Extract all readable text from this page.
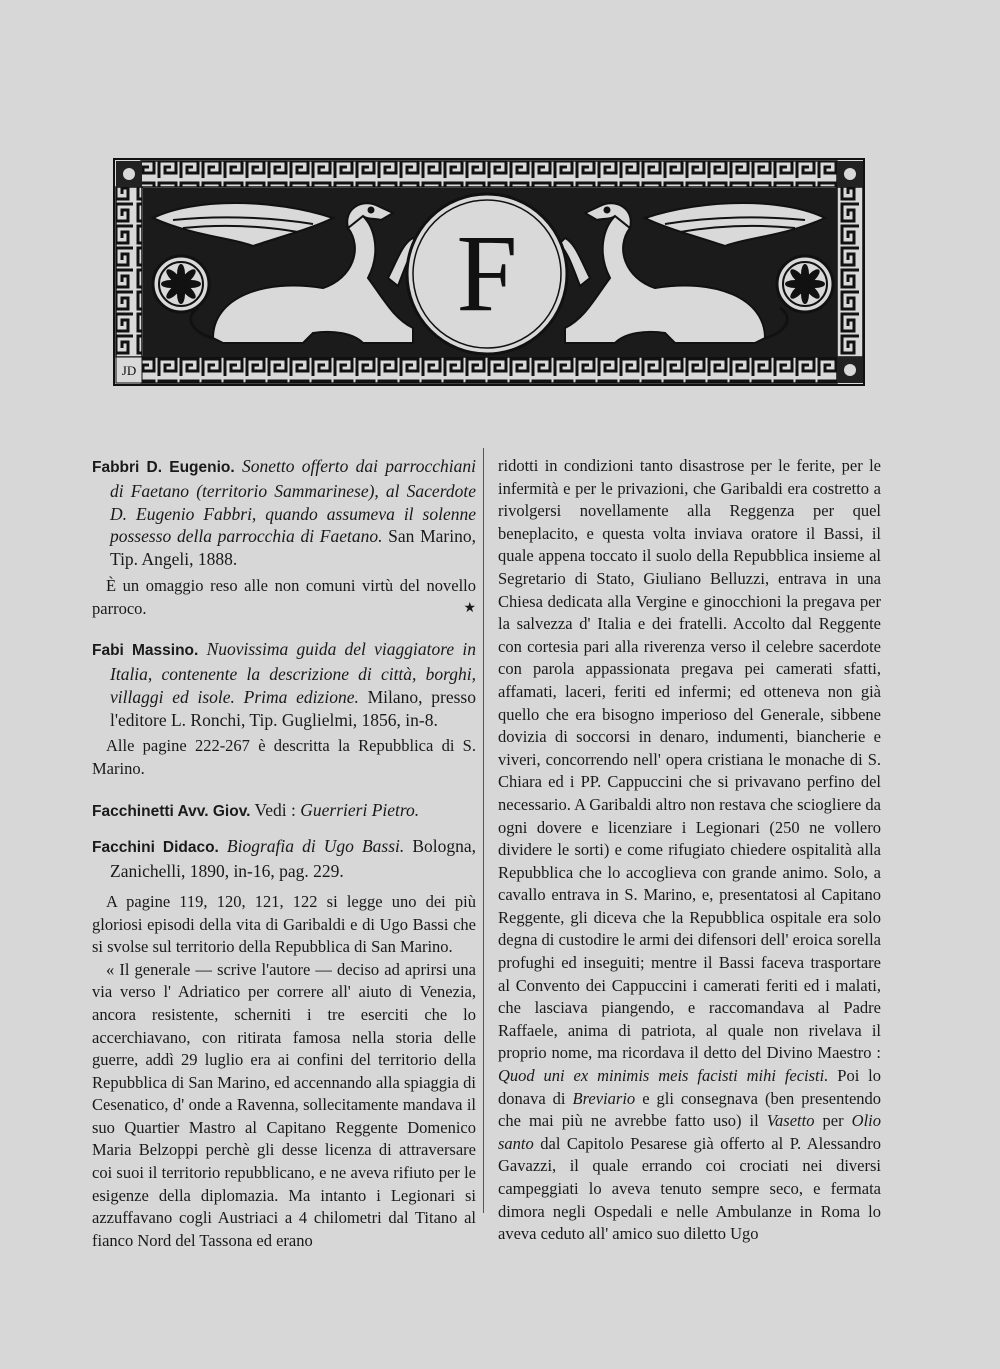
F
JD
Fabbri D. Eugenio. Sonetto offerto dai parrocchiani di Faetano (territorio Sammarinese), al Sacerdote D. Eugenio Fabbri, quando assumeva il solenne possesso della parrocchia di Faetano. San Marino, Tip. Angeli, 1888.
È un omaggio reso alle non comuni virtù del novello parroco.	★
Fabi Massino. Nuovissima guida del viaggiatore in Italia, contenente la descrizione di città, borghi, villaggi ed isole. Prima edizione. Milano, presso l'editore L. Ronchi, Tip. Guglielmi, 1856, in-8.
Alle pagine 222-267 è descritta la Repubblica di S. Marino.
Facchinetti Avv. Giov. Vedi : Guerrieri Pietro.
Facchini Didaco. Biografia di Ugo Bassi. Bologna, Zanichelli, 1890, in-16, pag. 229.

A pagine 119, 120, 121, 122 si legge uno dei più gloriosi episodi della vita di Garibaldi e di Ugo Bassi che si svolse sul territorio della Repubblica di San Marino.

« Il generale — scrive l'autore — deciso ad aprirsi una via verso l' Adriatico per correre all' aiuto di Venezia, ancora resistente, scherniti i tre eserciti che lo accerchiavano, con ritirata famosa nella storia delle guerre, addì 29 luglio era ai confini del territorio della Repubblica di San Marino, ed accennando alla spiaggia di Cesenatico, d' onde a Ravenna, sollecitamente mandava il suo Quartier Mastro al Capitano Reggente Domenico Maria Belzoppi perchè gli desse licenza di attraversare coi suoi il territorio repubblicano, e ne aveva rifiuto per le esigenze della diplomazia. Ma intanto i Legionari si azzuffavano cogli Austriaci a 4 chilometri dal Titano al fianco Nord del Tassona ed erano

ridotti in condizioni tanto disastrose per le ferite, per le infermità e per le privazioni, che Garibaldi era costretto a rivolgersi novellamente alla Reggenza per quel beneplacito, e questa volta inviava oratore il Bassi, il quale appena toccato il suolo della Repubblica insieme al Segretario di Stato, Giuliano Belluzzi, entrava in una Chiesa dedicata alla Vergine e ginocchioni la pregava per la salvezza d' Italia e dei fratelli. Accolto dal Reggente con cortesia pari alla riverenza verso il celebre sacerdote con parola appassionata pregava pei camerati sfatti, affamati, laceri, feriti ed infermi; ed otteneva non già quello che era bisogno imperioso del Generale, sibbene dovizia di soccorsi in denaro, indumenti, biancherie e viveri, concorrendo nell' opera cristiana le monache di S. Chiara ed i PP. Cappuccini che si privavano perfino del necessario. A Garibaldi altro non restava che sciogliere da ogni dovere e licenziare i Legionari (250 ne vollero dividere le sorti) e come rifugiato chiedere ospitalità alla Repubblica che lo accoglieva con grande animo. Solo, a cavallo entrava in S. Marino, e, presentatosi al Capitano Reggente, gli diceva che la Repubblica ospitale era solo degna di custodire le armi dei difensori dell' eroica sorella profughi ed inseguiti; mentre il Bassi faceva trasportare al Convento dei Cappuccini i camerati feriti ed i malati, che lasciava piangendo, e raccomandava al Padre Raffaele, anima di patriota, al quale non rivelava il proprio nome, ma ricordava il detto del Divino Maestro : Quod uni ex minimis meis facisti mihi fecisti. Poi lo donava di Breviario e gli consegnava (ben presentendo che mai più ne avrebbe fatto uso) il Vasetto per Olio santo dal Capitolo Pesarese già offerto al P. Alessandro Gavazzi, il quale errando coi crociati nei diversi campeggiati lo aveva tenuto sempre seco, e fermata dimora negli Ospedali e nelle Ambulanze in Roma lo aveva ceduto all' amico suo diletto Ugo
